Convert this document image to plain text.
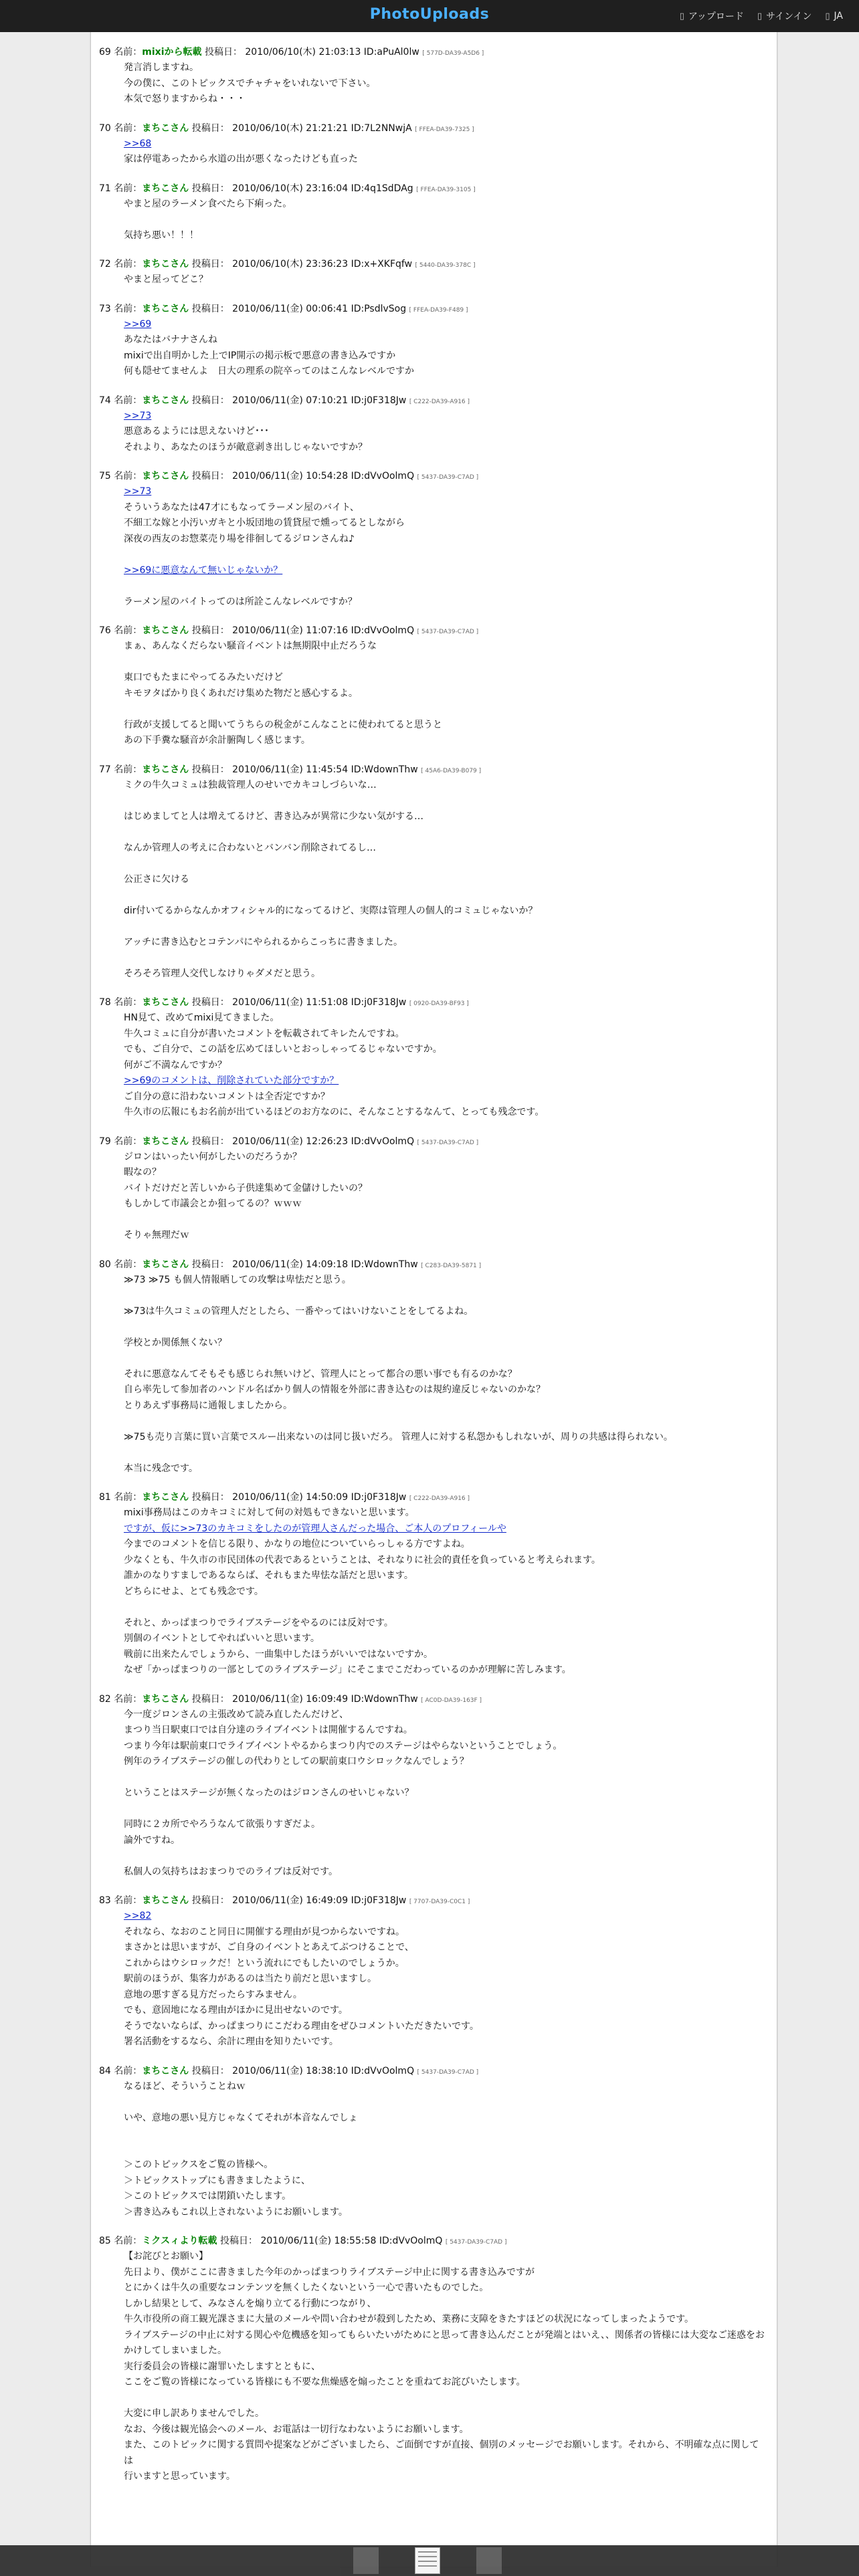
PhotoUploads	▯ アップロード ▯ サインイン ▯ JA
69 名前：mixiから転載 投稿日： 2010/06/10(木) 21:03:13 ID:aPuAl0lw [ 577D-DA39-A5D6 ]
発言消しますね。
今の僕に、このトピックスでチャチャをいれないで下さい。
本気で怒りますからね・・・
70 名前：まちこさん 投稿日： 2010/06/10(木) 21:21:21 ID:7L2NNwjA [ FFEA-DA39-7325 ]
>>68
家は停電あったから水道の出が悪くなったけども直った
71 名前：まちこさん 投稿日： 2010/06/10(木) 23:16:04 ID:4q1SdDAg [ FFEA-DA39-3105 ]
やまと屋のラーメン食べたら下痢った。
気持ち悪い！！！
72 名前：まちこさん 投稿日： 2010/06/10(木) 23:36:23 ID:x+XKFqfw [ 5440-DA39-378C ]
やまと屋ってどこ？
73 名前：まちこさん 投稿日： 2010/06/11(金) 00:06:41 ID:PsdlvSog [ FFEA-DA39-F489 ]
>>69
あなたはバナナさんね
mixiで出自明かした上でIP開示の掲示板で悪意の書き込みですか
何も隠せてませんよ　日大の理系の院卒ってのはこんなレベルですか
74 名前：まちこさん 投稿日： 2010/06/11(金) 07:10:21 ID:j0F318Jw [ C222-DA39-A916 ]
>>73
悪意あるようには思えないけど･･･
それより、あなたのほうが敵意剥き出しじゃないですか？
75 名前：まちこさん 投稿日： 2010/06/11(金) 10:54:28 ID:dVvOolmQ [ 5437-DA39-C7AD ]
>>73
そういうあなたは47才にもなってラーメン屋のバイト、
不細工な嫁と小汚いガキと小坂団地の賃貸屋で燻ってるとしながら
深夜の西友のお惣菜売り場を徘徊してるジロンさんね♪
>>69に悪意なんて無いじゃないか？
ラーメン屋のバイトってのは所詮こんなレベルですか？
76 名前：まちこさん 投稿日： 2010/06/11(金) 11:07:16 ID:dVvOolmQ [ 5437-DA39-C7AD ]
まぁ、あんなくだらない騒音イベントは無期限中止だろうな
東口でもたまにやってるみたいだけど
キモヲタばかり良くあれだけ集めた物だと感心するよ。
行政が支援してると聞いてうちらの税金がこんなことに使われてると思うと
あの下手糞な騒音が余計腑陶しく感じます。
77 名前：まちこさん 投稿日： 2010/06/11(金) 11:45:54 ID:WdownThw [ 45A6-DA39-B079 ]
ミクの牛久コミュは独裁管理人のせいでカキコしづらいな…
はじめましてと人は増えてるけど、書き込みが異常に少ない気がする…
なんか管理人の考えに合わないとバンバン削除されてるし…
公正さに欠ける
dir付いてるからなんかオフィシャル的になってるけど、実際は管理人の個人的コミュじゃないか？
アッチに書き込むとコテンパにやられるからこっちに書きました。
そろそろ管理人交代しなけりゃダメだと思う。
78 名前：まちこさん 投稿日： 2010/06/11(金) 11:51:08 ID:j0F318Jw [ 0920-DA39-BF93 ]
HN見て、改めてmixi見てきました。
牛久コミュに自分が書いたコメントを転載されてキレたんですね。
でも、ご自分で、この話を広めてほしいとおっしゃってるじゃないですか。
何がご不満なんですか？
>>69のコメントは、削除されていた部分ですか？
ご自分の意に沿わないコメントは全否定ですか？
牛久市の広報にもお名前が出ているほどのお方なのに、そんなことするなんて、とっても残念です。
79 名前：まちこさん 投稿日： 2010/06/11(金) 12:26:23 ID:dVvOolmQ [ 5437-DA39-C7AD ]
ジロンはいったい何がしたいのだろうか？
暇なの？
バイトだけだと苦しいから子供達集めて金儲けしたいの？
もしかして市議会とか狙ってるの？ｗｗｗ
そりゃ無理だｗ
80 名前：まちこさん 投稿日： 2010/06/11(金) 14:09:18 ID:WdownThw [ C283-DA39-5871 ]
≫73 ≫75 も個人情報晒しての攻撃は卑怯だと思う。
≫73は牛久コミュの管理人だとしたら、一番やってはいけないことをしてるよね。
学校とか関係無くない？
それに悪意なんてそもそも感じられ無いけど、管理人にとって都合の悪い事でも有るのかな？
自ら率先して参加者のハンドル名ばかり個人の情報を外部に書き込むのは規約違反じゃないのかな？
とりあえず事務局に通報しましたから。
≫75も売り言葉に買い言葉でスルー出来ないのは同じ扱いだろ。 管理人に対する私怨かもしれないが、周りの共感は得られない。
本当に残念です。
81 名前：まちこさん 投稿日： 2010/06/11(金) 14:50:09 ID:j0F318Jw [ C222-DA39-A916 ]
mixi事務局はこのカキコミに対して何の対処もできないと思います。
ですが、仮に>>73のカキコミをしたのが管理人さんだった場合、ご本人のプロフィールや
今までのコメントを信じる限り、かなりの地位についていらっしゃる方ですよね。
少なくとも、牛久市の市民団体の代表であるということは、それなりに社会的責任を負っていると考えられます。
誰かのなりすましであるならば、それもまた卑怯な話だと思います。
どちらにせよ、とても残念です。
それと、かっぱまつりでライブステージをやるのには反対です。
別個のイベントとしてやればいいと思います。
戦前に出来たんでしょうから、一曲集中したほうがいいではないですか。
なぜ「かっぱまつりの一部としてのライブステージ」にそこまでこだわっているのかが理解に苦しみます。
82 名前：まちこさん 投稿日： 2010/06/11(金) 16:09:49 ID:WdownThw [ AC0D-DA39-163F ]
今一度ジロンさんの主張改めて読み直したんだけど、
まつり当日駅東口では自分達のライブイベントは開催するんですね。
つまり今年は駅前東口でライブイベントやるからまつり内でのステージはやらないということでしょう。
例年のライブステージの催しの代わりとしての駅前東口ウシロックなんでしょう？
ということはステージが無くなったのはジロンさんのせいじゃない？
同時に２カ所でやろうなんて欲張りすぎだよ。
論外ですね。
私個人の気持ちはおまつりでのライブは反対です。
83 名前：まちこさん 投稿日： 2010/06/11(金) 16:49:09 ID:j0F318Jw [ 7707-DA39-C0C1 ]
>>82
それなら、なおのこと同日に開催する理由が見つからないですね。
まさかとは思いますが、ご自身のイベントとあえてぶつけることで、
これからはウシロックだ！という流れにでもしたいのでしょうか。
駅前のほうが、集客力があるのは当たり前だと思いますし。
意地の悪すぎる見方だったらすみません。
でも、意固地になる理由がほかに見出せないのです。
そうでないならば、かっぱまつりにこだわる理由をぜひコメントいただきたいです。
署名活動をするなら、余計に理由を知りたいです。
84 名前：まちこさん 投稿日： 2010/06/11(金) 18:38:10 ID:dVvOolmQ [ 5437-DA39-C7AD ]
なるほど、そういうことねｗ
いや、意地の悪い見方じゃなくてそれが本音なんでしょ
＞このトピックスをご覧の皆様へ。
＞トピックストップにも書きましたように、
＞このトピックスでは閉鎖いたします。
＞書き込みもこれ以上されないようにお願いします。
85 名前：ミクスィより転載 投稿日： 2010/06/11(金) 18:55:58 ID:dVvOolmQ [ 5437-DA39-C7AD ]
【お詫びとお願い】
先日より、僕がここに書きました今年のかっぱまつりライブステージ中止に関する書き込みですが
とにかくは牛久の重要なコンテンツを無くしたくないという一心で書いたものでした。
しかし結果として、みなさんを煽り立てる行動につながり、
牛久市役所の商工観光課さまに大量のメールや問い合わせが殺到したため、業務に支障をきたすほどの状況になってしまったようです。
ライブステージの中止に対する関心や危機感を知ってもらいたいがためにと思って書き込んだことが発端とはいえ、、関係者の皆様には大変なご迷惑をおかけしてしまいました。
実行委員会の皆様に謝罪いたしますとともに、
ここをご覧の皆様になっている皆様にも不要な焦燥感を煽ったことを重ねてお詫びいたします。
大変に申し訳ありませんでした。
なお、今後は観光協会へのメール、お電話は一切行なわないようにお願いします。
また、このトピックに関する質問や提案などがございましたら、ご面倒ですが直接、個別のメッセージでお願いします。それから、不明確な点に関しては
行いますと思っています。
